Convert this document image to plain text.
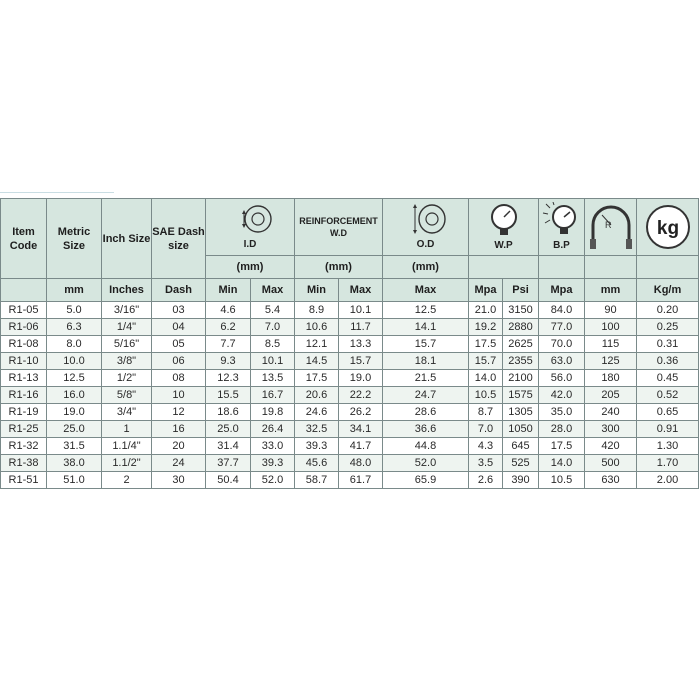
Item Code	Metric Size	Inch Size	SAE Dash size	I.D		REINFORCEMENT W.D		O.D	W.P		B.P	R	kg

				(mm)		(mm)		(mm)					
	mm	Inches	Dash	Min	Max	Min	Max	Max	Mpa	Psi	Mpa	mm	Kg/m
R1-05	5.0	3/16"	03	4.6	5.4	8.9	10.1	12.5	21.0	3150	84.0	90	0.20
R1-06	6.3	1/4"	04	6.2	7.0	10.6	11.7	14.1	19.2	2880	77.0	100	0.25
R1-08	8.0	5/16"	05	7.7	8.5	12.1	13.3	15.7	17.5	2625	70.0	115	0.31
R1-10	10.0	3/8"	06	9.3	10.1	14.5	15.7	18.1	15.7	2355	63.0	125	0.36
R1-13	12.5	1/2"	08	12.3	13.5	17.5	19.0	21.5	14.0	2100	56.0	180	0.45
R1-16	16.0	5/8"	10	15.5	16.7	20.6	22.2	24.7	10.5	1575	42.0	205	0.52
R1-19	19.0	3/4"	12	18.6	19.8	24.6	26.2	28.6	8.7	1305	35.0	240	0.65
R1-25	25.0	1	16	25.0	26.4	32.5	34.1	36.6	7.0	1050	28.0	300	0.91
R1-32	31.5	1.1/4"	20	31.4	33.0	39.3	41.7	44.8	4.3	645	17.5	420	1.30
R1-38	38.0	1.1/2"	24	37.7	39.3	45.6	48.0	52.0	3.5	525	14.0	500	1.70
R1-51	51.0	2	30	50.4	52.0	58.7	61.7	65.9	2.6	390	10.5	630	2.00
